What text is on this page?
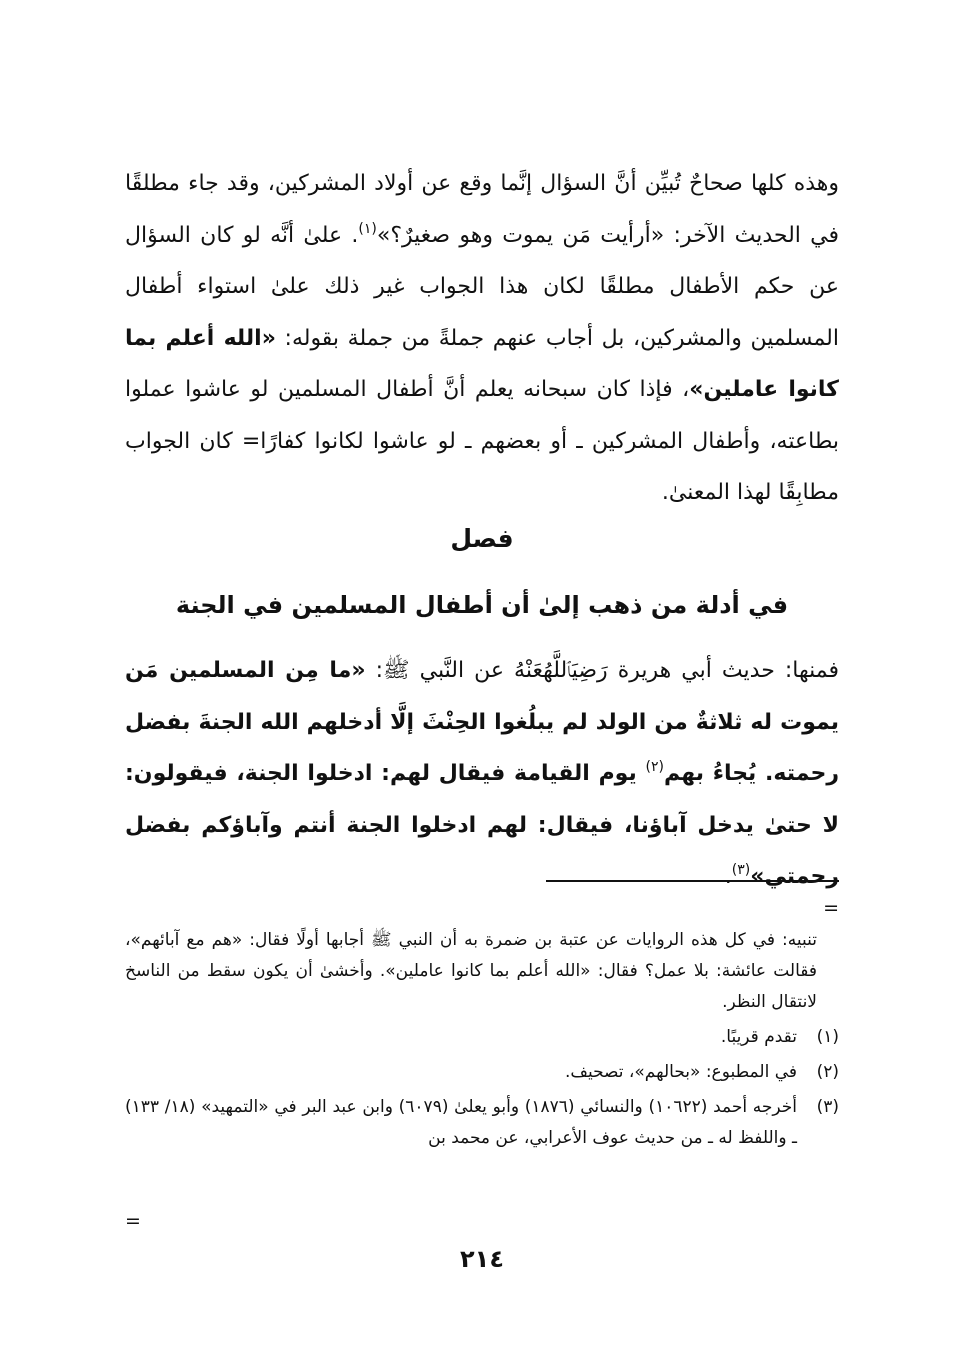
وهذه كلها صحاحٌ تُبيِّن أنَّ السؤال إنَّما وقع عن أولاد المشركين، وقد جاء مطلقًا في الحديث الآخر: «أرأيت مَن يموت وهو صغيرٌ؟»$^{(١)}$. علىٰ أنَّه لو كان السؤال عن حكم الأطفال مطلقًا لكان هذا الجواب غير ذلك علىٰ استواء أطفال المسلمين والمشركين، بل أجاب عنهم جملةً من جملة بقوله: «الله أعلم بما كانوا عاملين»، فإذا كان سبحانه يعلم أنَّ أطفال المسلمين لو عاشوا عملوا بطاعته، وأطفال المشركين ـ أو بعضهم ـ لو عاشوا لكانوا كفارًا= كان الجواب مطابِقًا لهذا المعنىٰ.

فصل
في أدلة من ذهب إلىٰ أن أطفال المسلمين في الجنة

فمنها: حديث أبي هريرة رَضِيَٱللَّهُعَنْهُ عن النَّبي ﷺ: «ما مِن المسلمين مَن يموت له ثلاثةٌ من الولد لم يبلُغوا الحِنْثَ إلَّا أدخلهم الله الجنةَ بفضل رحمته. يُجاءُ بهم$^{(٢)}$ يوم القيامة فيقال لهم: ادخلوا الجنة، فيقولون: لا حتىٰ يدخل آباؤنا، فيقال: لهم ادخلوا الجنة أنتم وآباؤكم بفضل رحمتي»$^{(٣)}$.

=

تنبيه: في كل هذه الروايات عن عتبة بن ضمرة به أن النبي ﷺ أجابها أولًا فقال: «هم مع آبائهم»، فقالت عائشة: بلا عمل؟ فقال: «الله أعلم بما كانوا عاملين». وأخشىٰ أن يكون سقط من الناسخ لانتقال النظر.

(١)
تقدم قريبًا.
(٢)
في المطبوع: «بحالهم»، تصحيف.
(٣)
أخرجه أحمد (١٠٦٢٢) والنسائي (١٨٧٦) وأبو يعلىٰ (٦٠٧٩) وابن عبد البر في «التمهيد» (١٨/ ١٣٣) ـ واللفظ له ـ من حديث عوف الأعرابي، عن محمد بن
=
٢١٤
